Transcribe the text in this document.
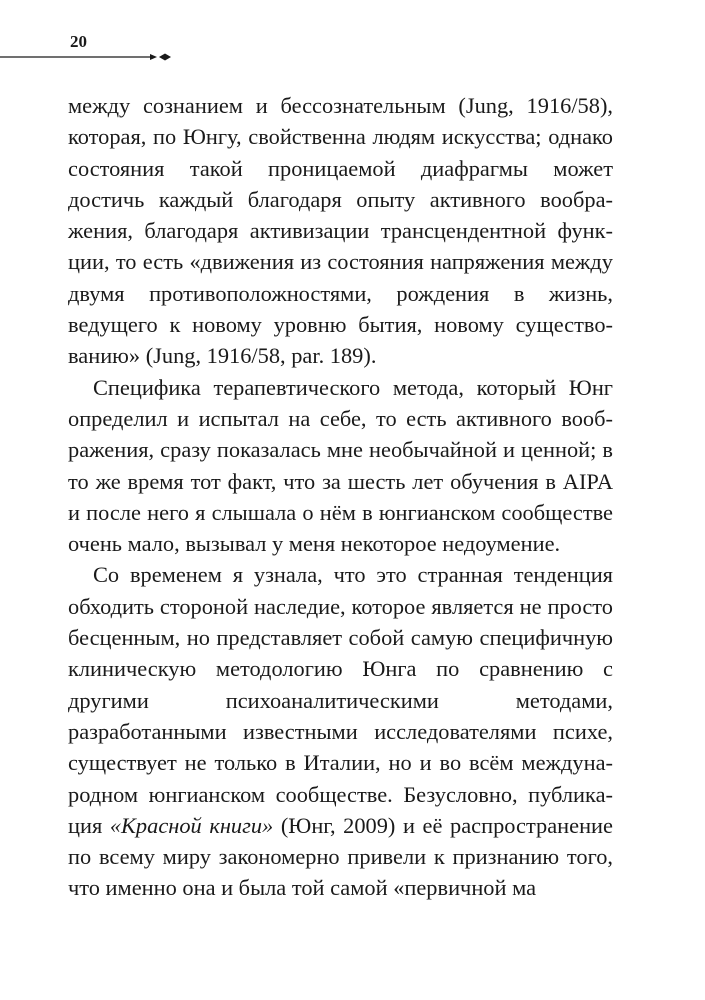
20

между сознанием и бессознательным (Jung, 1916/58), которая, по Юнгу, свойственна людям искусства; однако состояния такой проницаемой диафрагмы может достичь каждый благодаря опыту активного воображения, благодаря активизации трансцендентной функции, то есть «движения из состояния напряжения между двумя противоположностями, рождения в жизнь, ведущего к новому уровню бытия, новому существованию» (Jung, 1916/58, par. 189).

Специфика терапевтического метода, который Юнг определил и испытал на себе, то есть активного воображения, сразу показалась мне необычайной и ценной; в то же время тот факт, что за шесть лет обучения в AIPA и после него я слышала о нём в юнгианском сообществе очень мало, вызывал у меня некоторое недоумение.

Со временем я узнала, что это странная тенденция обходить стороной наследие, которое является не просто бесценным, но представляет собой самую специфичную клиническую методологию Юнга по сравнению с другими психоаналитическими методами, разработанными известными исследователями психе, существует не только в Италии, но и во всём международном юнгианском сообществе. Безусловно, публикация «Красной книги» (Юнг, 2009) и её распространение по всему миру закономерно привели к признанию того, что именно она и была той самой «первичной ма
